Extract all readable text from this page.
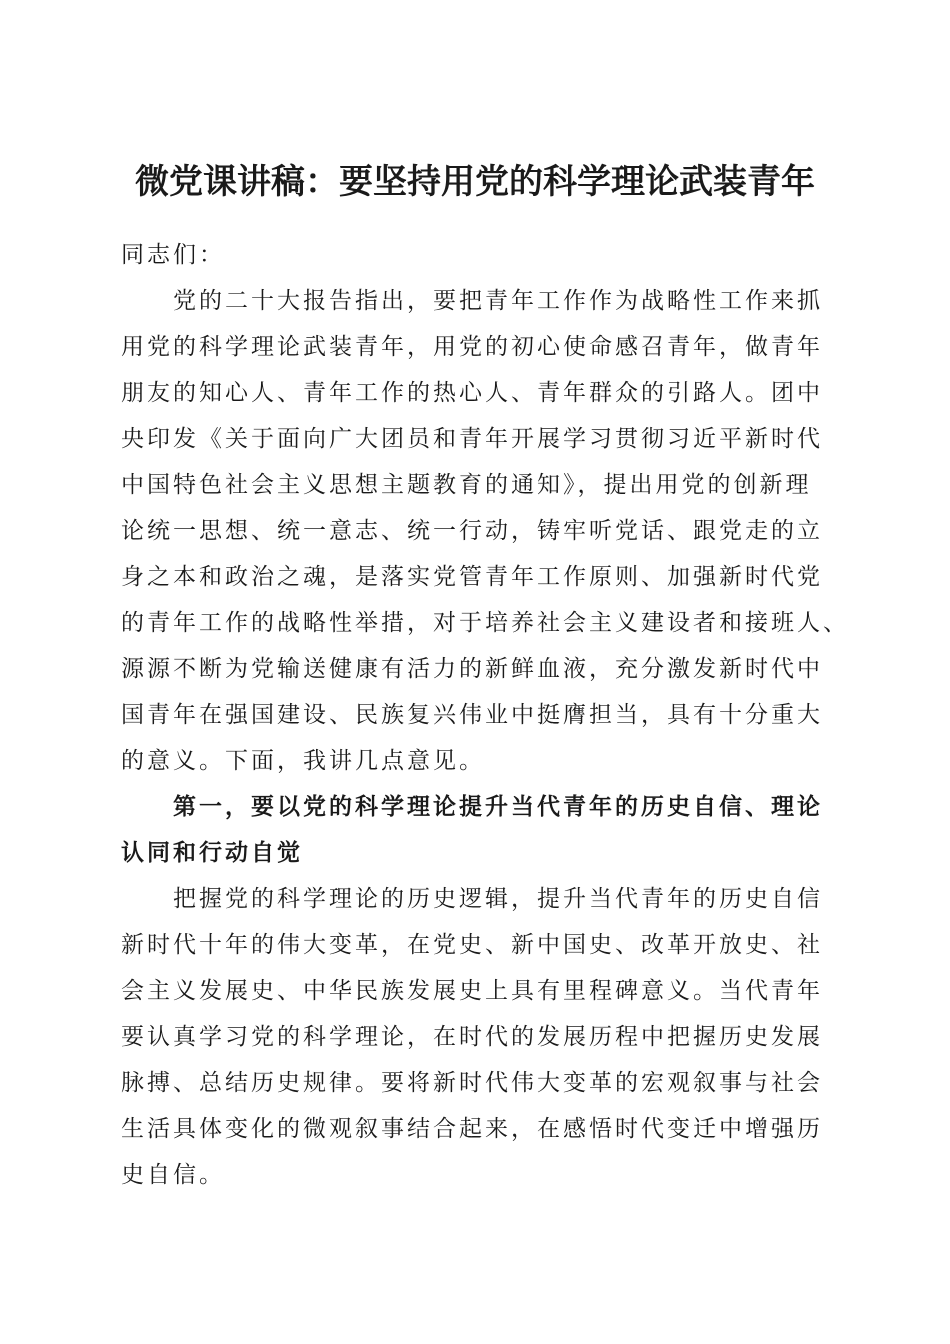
微党课讲稿：要坚持用党的科学理论武装青年

同志们：

党的二十大报告指出，要把青年工作作为战略性工作来抓
用党的科学理论武装青年，用党的初心使命感召青年，做青年
朋友的知心人、青年工作的热心人、青年群众的引路人。团中
央印发《关于面向广大团员和青年开展学习贯彻习近平新时代
中国特色社会主义思想主题教育的通知》，提出用党的创新理
论统一思想、统一意志、统一行动，铸牢听党话、跟党走的立
身之本和政治之魂，是落实党管青年工作原则、加强新时代党
的青年工作的战略性举措，对于培养社会主义建设者和接班人、
源源不断为党输送健康有活力的新鲜血液，充分激发新时代中
国青年在强国建设、民族复兴伟业中挺膺担当，具有十分重大
的意义。下面，我讲几点意见。

第一，要以党的科学理论提升当代青年的历史自信、理论
认同和行动自觉

把握党的科学理论的历史逻辑，提升当代青年的历史自信
新时代十年的伟大变革，在党史、新中国史、改革开放史、社
会主义发展史、中华民族发展史上具有里程碑意义。当代青年
要认真学习党的科学理论，在时代的发展历程中把握历史发展
脉搏、总结历史规律。要将新时代伟大变革的宏观叙事与社会
生活具体变化的微观叙事结合起来，在感悟时代变迁中增强历
史自信。
